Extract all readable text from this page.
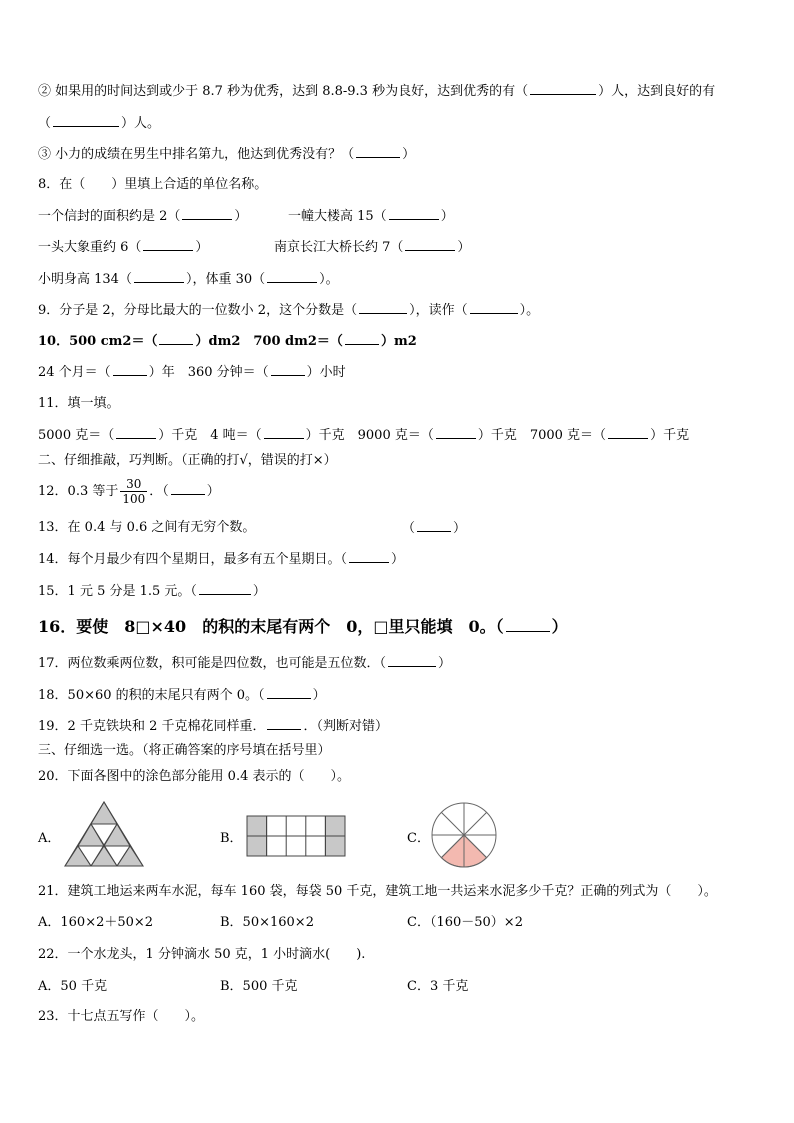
② 如果用的时间达到或少于 8.7 秒为优秀，达到 8.8-9.3 秒为良好，达到优秀的有（	）人，达到良好的有
（	）人。
③ 小力的成绩在男生中排名第九，他达到优秀没有？（	）
8．在（　　）里填上合适的单位名称。
一个信封的面积约是 2（	）	一幢大楼高 15（	）
一头大象重约 6（	）	南京长江大桥长约 7（	）
小明身高 134（	），体重 30（	）。
9．分子是 2，分母比最大的一位数小 2，这个分数是（	），读作（	）。
10．500 cm2＝（	）dm2　700 dm2＝（	）m2
24 个月＝（	）年　360 分钟＝（	）小时
11．填一填。
5000 克＝（	）千克　4 吨＝（	）千克　9000 克＝（	）千克　7000 克＝（	）千克
二、仔细推敲，巧判断。（正确的打√，错误的打×）
12．0.3 等于 $\frac{30}{100}$ ．（	）
13．在 0.4 与 0.6 之间有无穷个数。	（	）
14．每个月最少有四个星期日，最多有五个星期日。（	）
15．1 元 5 分是 1.5 元。（	）
16．要使　8□×40　的积的末尾有两个　0，□里只能填　0。（	）
17．两位数乘两位数，积可能是四位数，也可能是五位数．（	）
18．50×60 的积的末尾只有两个 0。（	）
19．2 千克铁块和 2 千克棉花同样重．	．（判断对错）
三、仔细选一选。（将正确答案的序号填在括号里）
20．下面各图中的涂色部分能用 0.4 表示的（　　）。
A．	B．	C．
21．建筑工地运来两车水泥，每车 160 袋，每袋 50 千克，建筑工地一共运来水泥多少千克？正确的列式为（　　）。
A．160×2＋50×2	B．50×160×2	C．（160－50）×2
22．一个水龙头，1 分钟滴水 50 克，1 小时滴水(　　).
A．50 千克	B．500 千克	C．3 千克
23．十七点五写作（　　）。
